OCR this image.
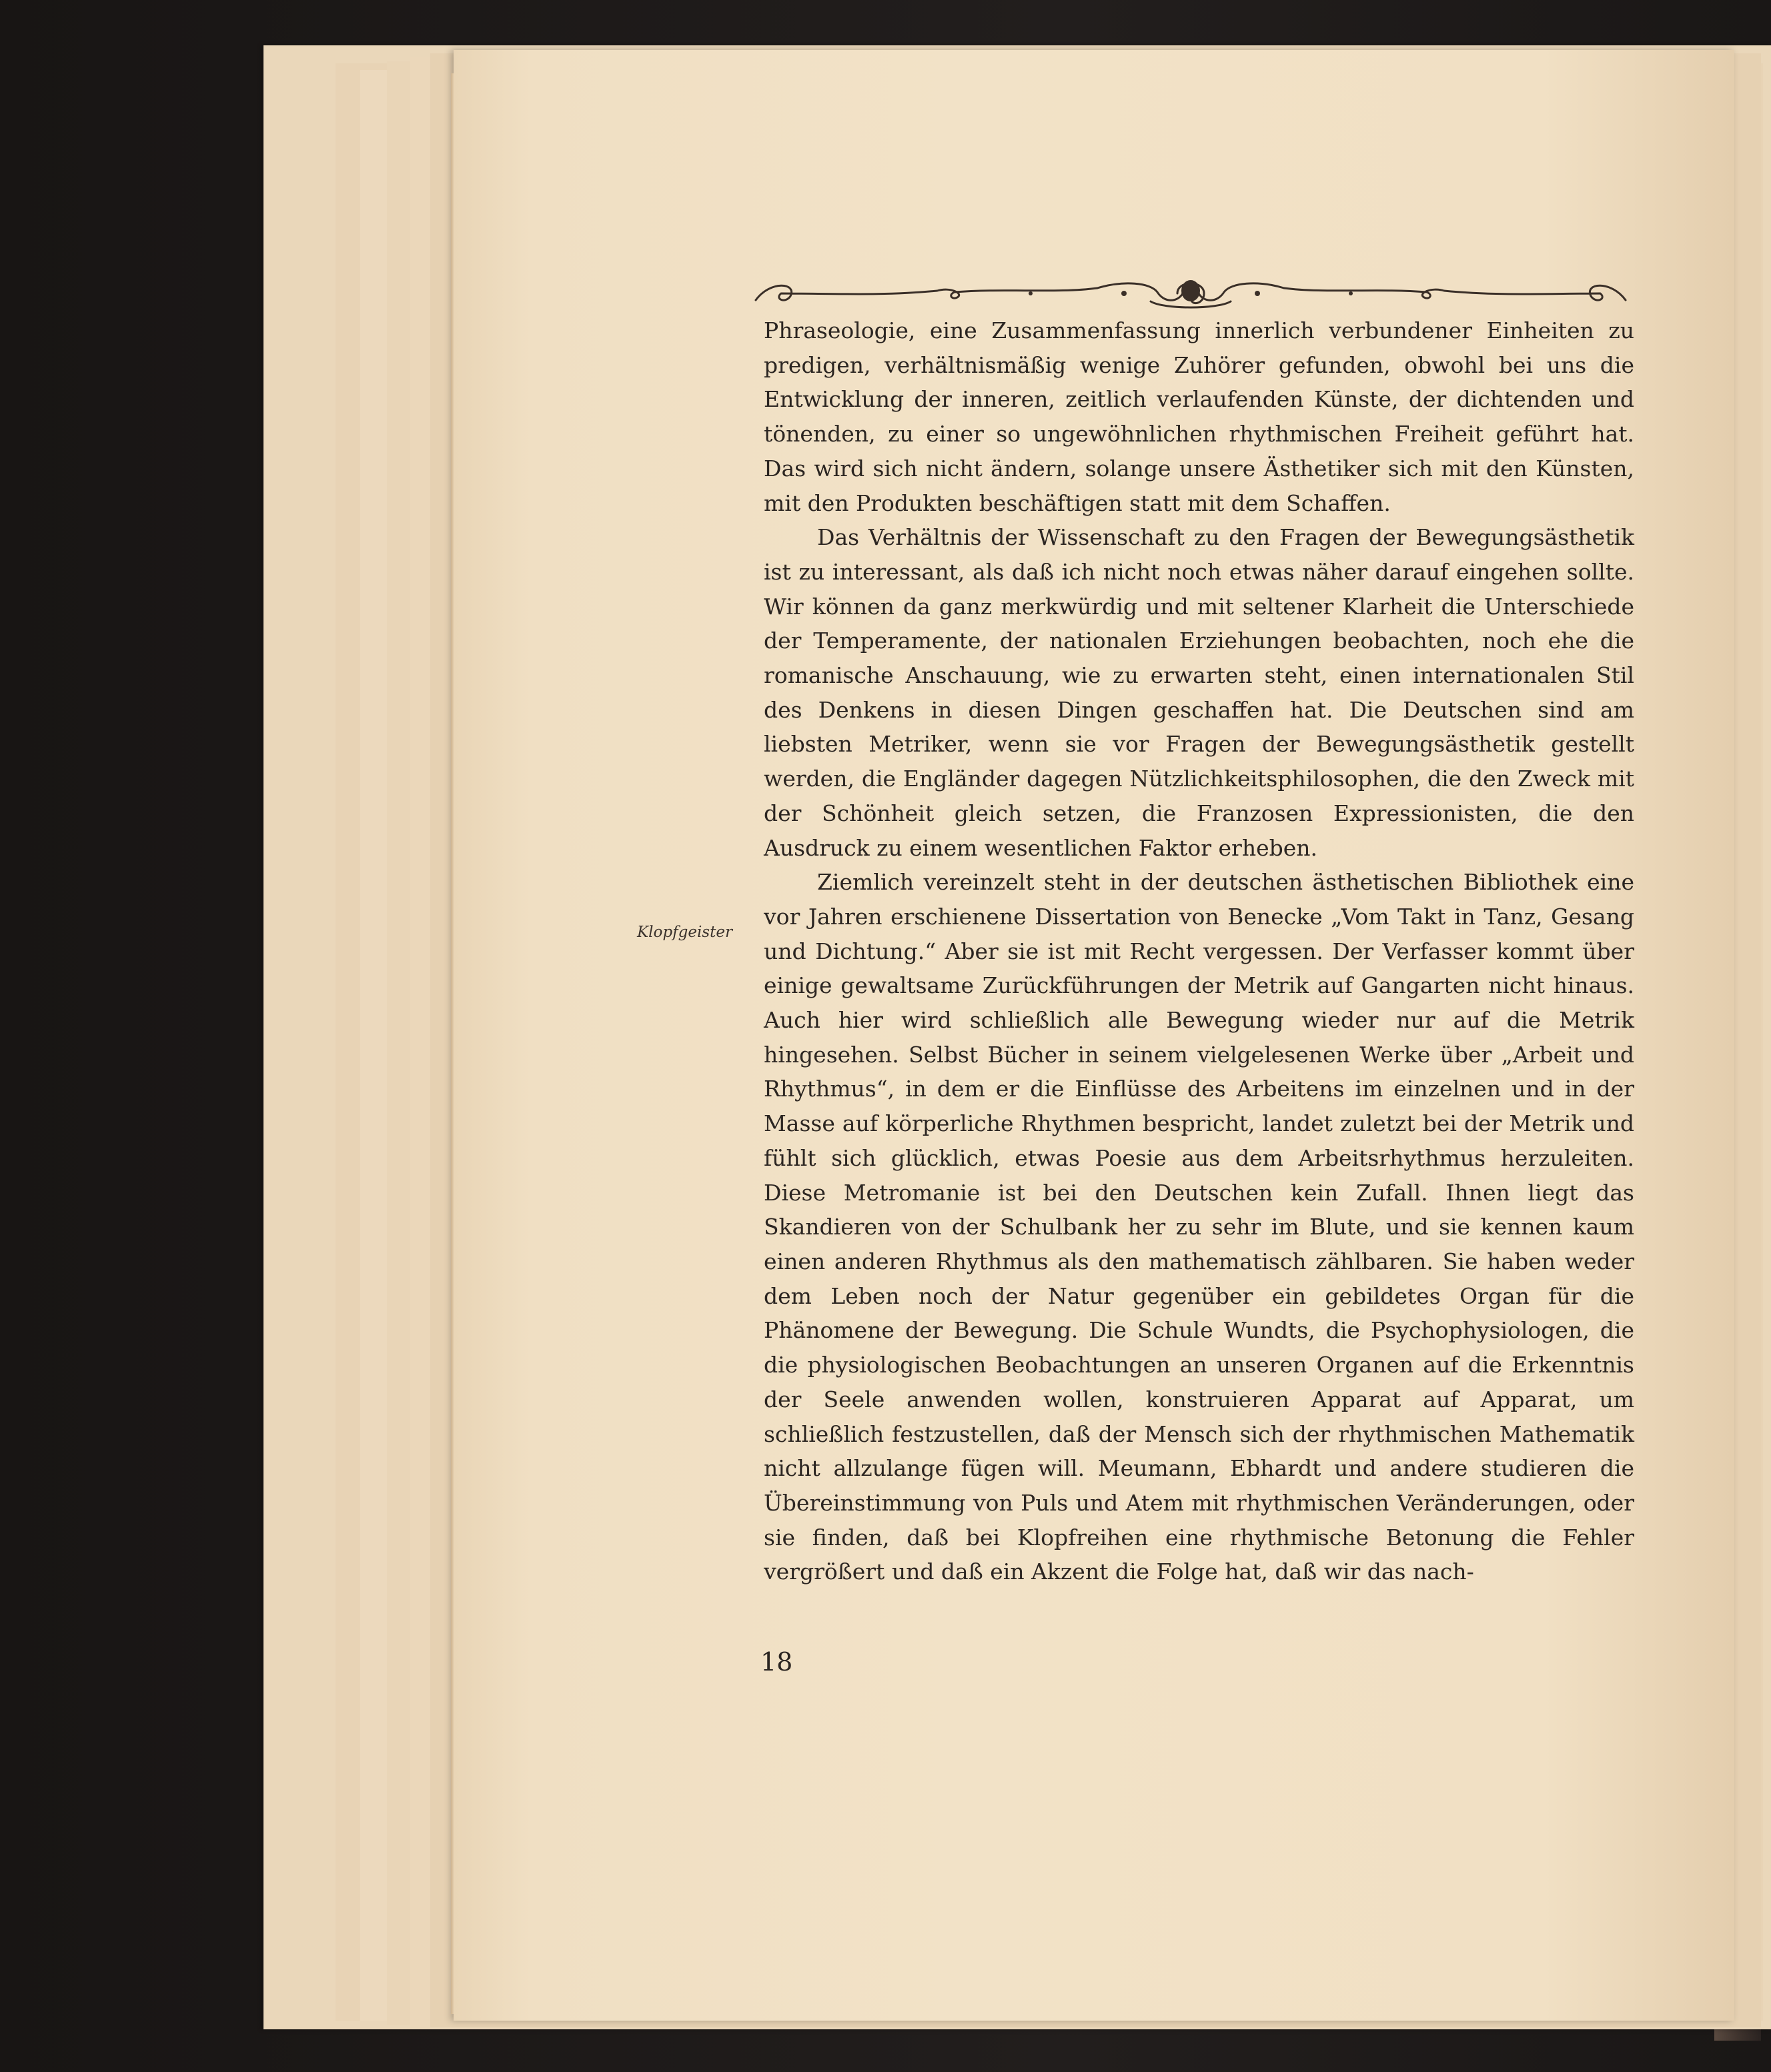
Phraseologie, eine Zusammenfassung innerlich verbundener Einheiten zu predigen, verhältnismäßig wenige Zuhörer gefunden, obwohl bei uns die Entwicklung der inneren, zeitlich verlaufenden Künste, der dichtenden und tönenden, zu einer so ungewöhnlichen rhythmischen Freiheit geführt hat. Das wird sich nicht ändern, solange unsere Ästhetiker sich mit den Künsten, mit den Produkten beschäftigen statt mit dem Schaffen.

Das Verhältnis der Wissenschaft zu den Fragen der Bewegungsästhetik ist zu interessant, als daß ich nicht noch etwas näher darauf eingehen sollte. Wir können da ganz merkwürdig und mit seltener Klarheit die Unterschiede der Temperamente, der nationalen Erziehungen beobachten, noch ehe die romanische Anschauung, wie zu erwarten steht, einen internationalen Stil des Denkens in diesen Dingen geschaffen hat. Die Deutschen sind am liebsten Metriker, wenn sie vor Fragen der Bewegungsästhetik gestellt werden, die Engländer dagegen Nützlichkeitsphilosophen, die den Zweck mit der Schönheit gleich setzen, die Franzosen Expressionisten, die den Ausdruck zu einem wesentlichen Faktor erheben.

Ziemlich vereinzelt steht in der deutschen ästhetischen Bibliothek eine vor Jahren erschienene Dissertation von Benecke „Vom Takt in Tanz, Gesang und Dichtung.“ Aber sie ist mit Recht vergessen. Der Verfasser kommt über einige gewaltsame Zurückführungen der Metrik auf Gangarten nicht hinaus. Auch hier wird schließlich alle Bewegung wieder nur auf die Metrik hingesehen. Selbst Bücher in seinem vielgelesenen Werke über „Arbeit und Rhythmus“, in dem er die Einflüsse des Arbeitens im einzelnen und in der Masse auf körperliche Rhythmen bespricht, landet zuletzt bei der Metrik und fühlt sich glücklich, etwas Poesie aus dem Arbeitsrhythmus herzuleiten. Diese Metromanie ist bei den Deutschen kein Zufall. Ihnen liegt das Skandieren von der Schulbank her zu sehr im Blute, und sie kennen kaum einen anderen Rhythmus als den mathematisch zählbaren. Sie haben weder dem Leben noch der Natur gegenüber ein gebildetes Organ für die Phänomene der Bewegung. Die Schule Wundts, die Psychophysiologen, die die physiologischen Beobachtungen an unseren Organen auf die Erkenntnis der Seele anwenden wollen, konstruieren Apparat auf Apparat, um schließlich festzustellen, daß der Mensch sich der rhythmischen Mathematik nicht allzulange fügen will. Meumann, Ebhardt und andere studieren die Übereinstimmung von Puls und Atem mit rhythmischen Veränderungen, oder sie finden, daß bei Klopfreihen eine rhythmische Betonung die Fehler vergrößert und daß ein Akzent die Folge hat, daß wir das nach-

Klopfgeister
18
